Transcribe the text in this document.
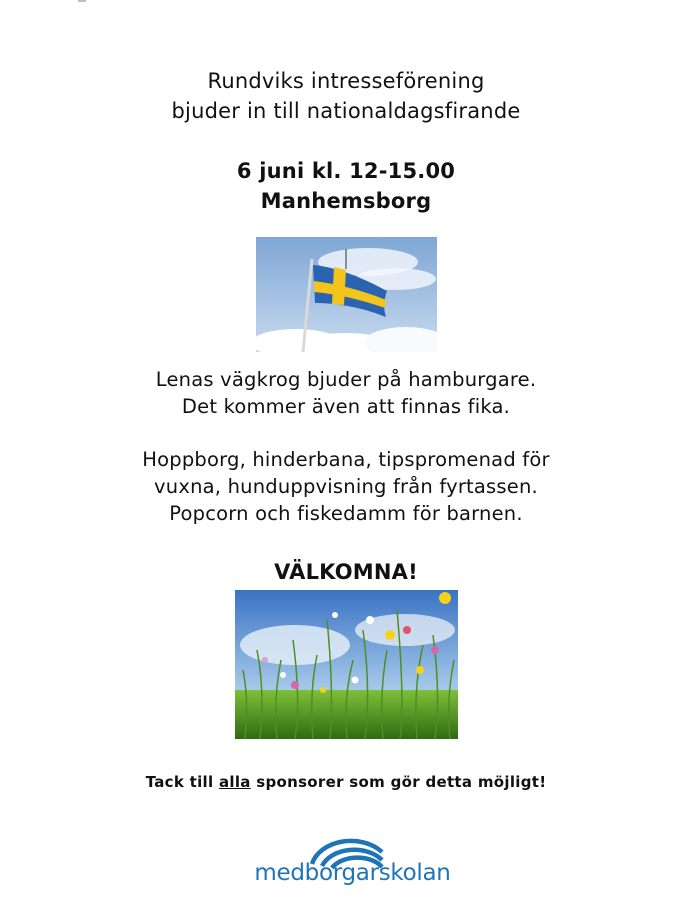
Rundviks intresseförening
bjuder in till nationaldagsfirande
6 juni kl. 12-15.00
Manhemsborg
Lenas vägkrog bjuder på hamburgare.
Det kommer även att finnas fika.
Hoppborg, hinderbana, tipspromenad för
vuxna, hunduppvisning från fyrtassen.
Popcorn och fiskedamm för barnen.
VÄLKOMNA!
Tack till alla sponsorer som gör detta möjligt!
medborgarskolan
